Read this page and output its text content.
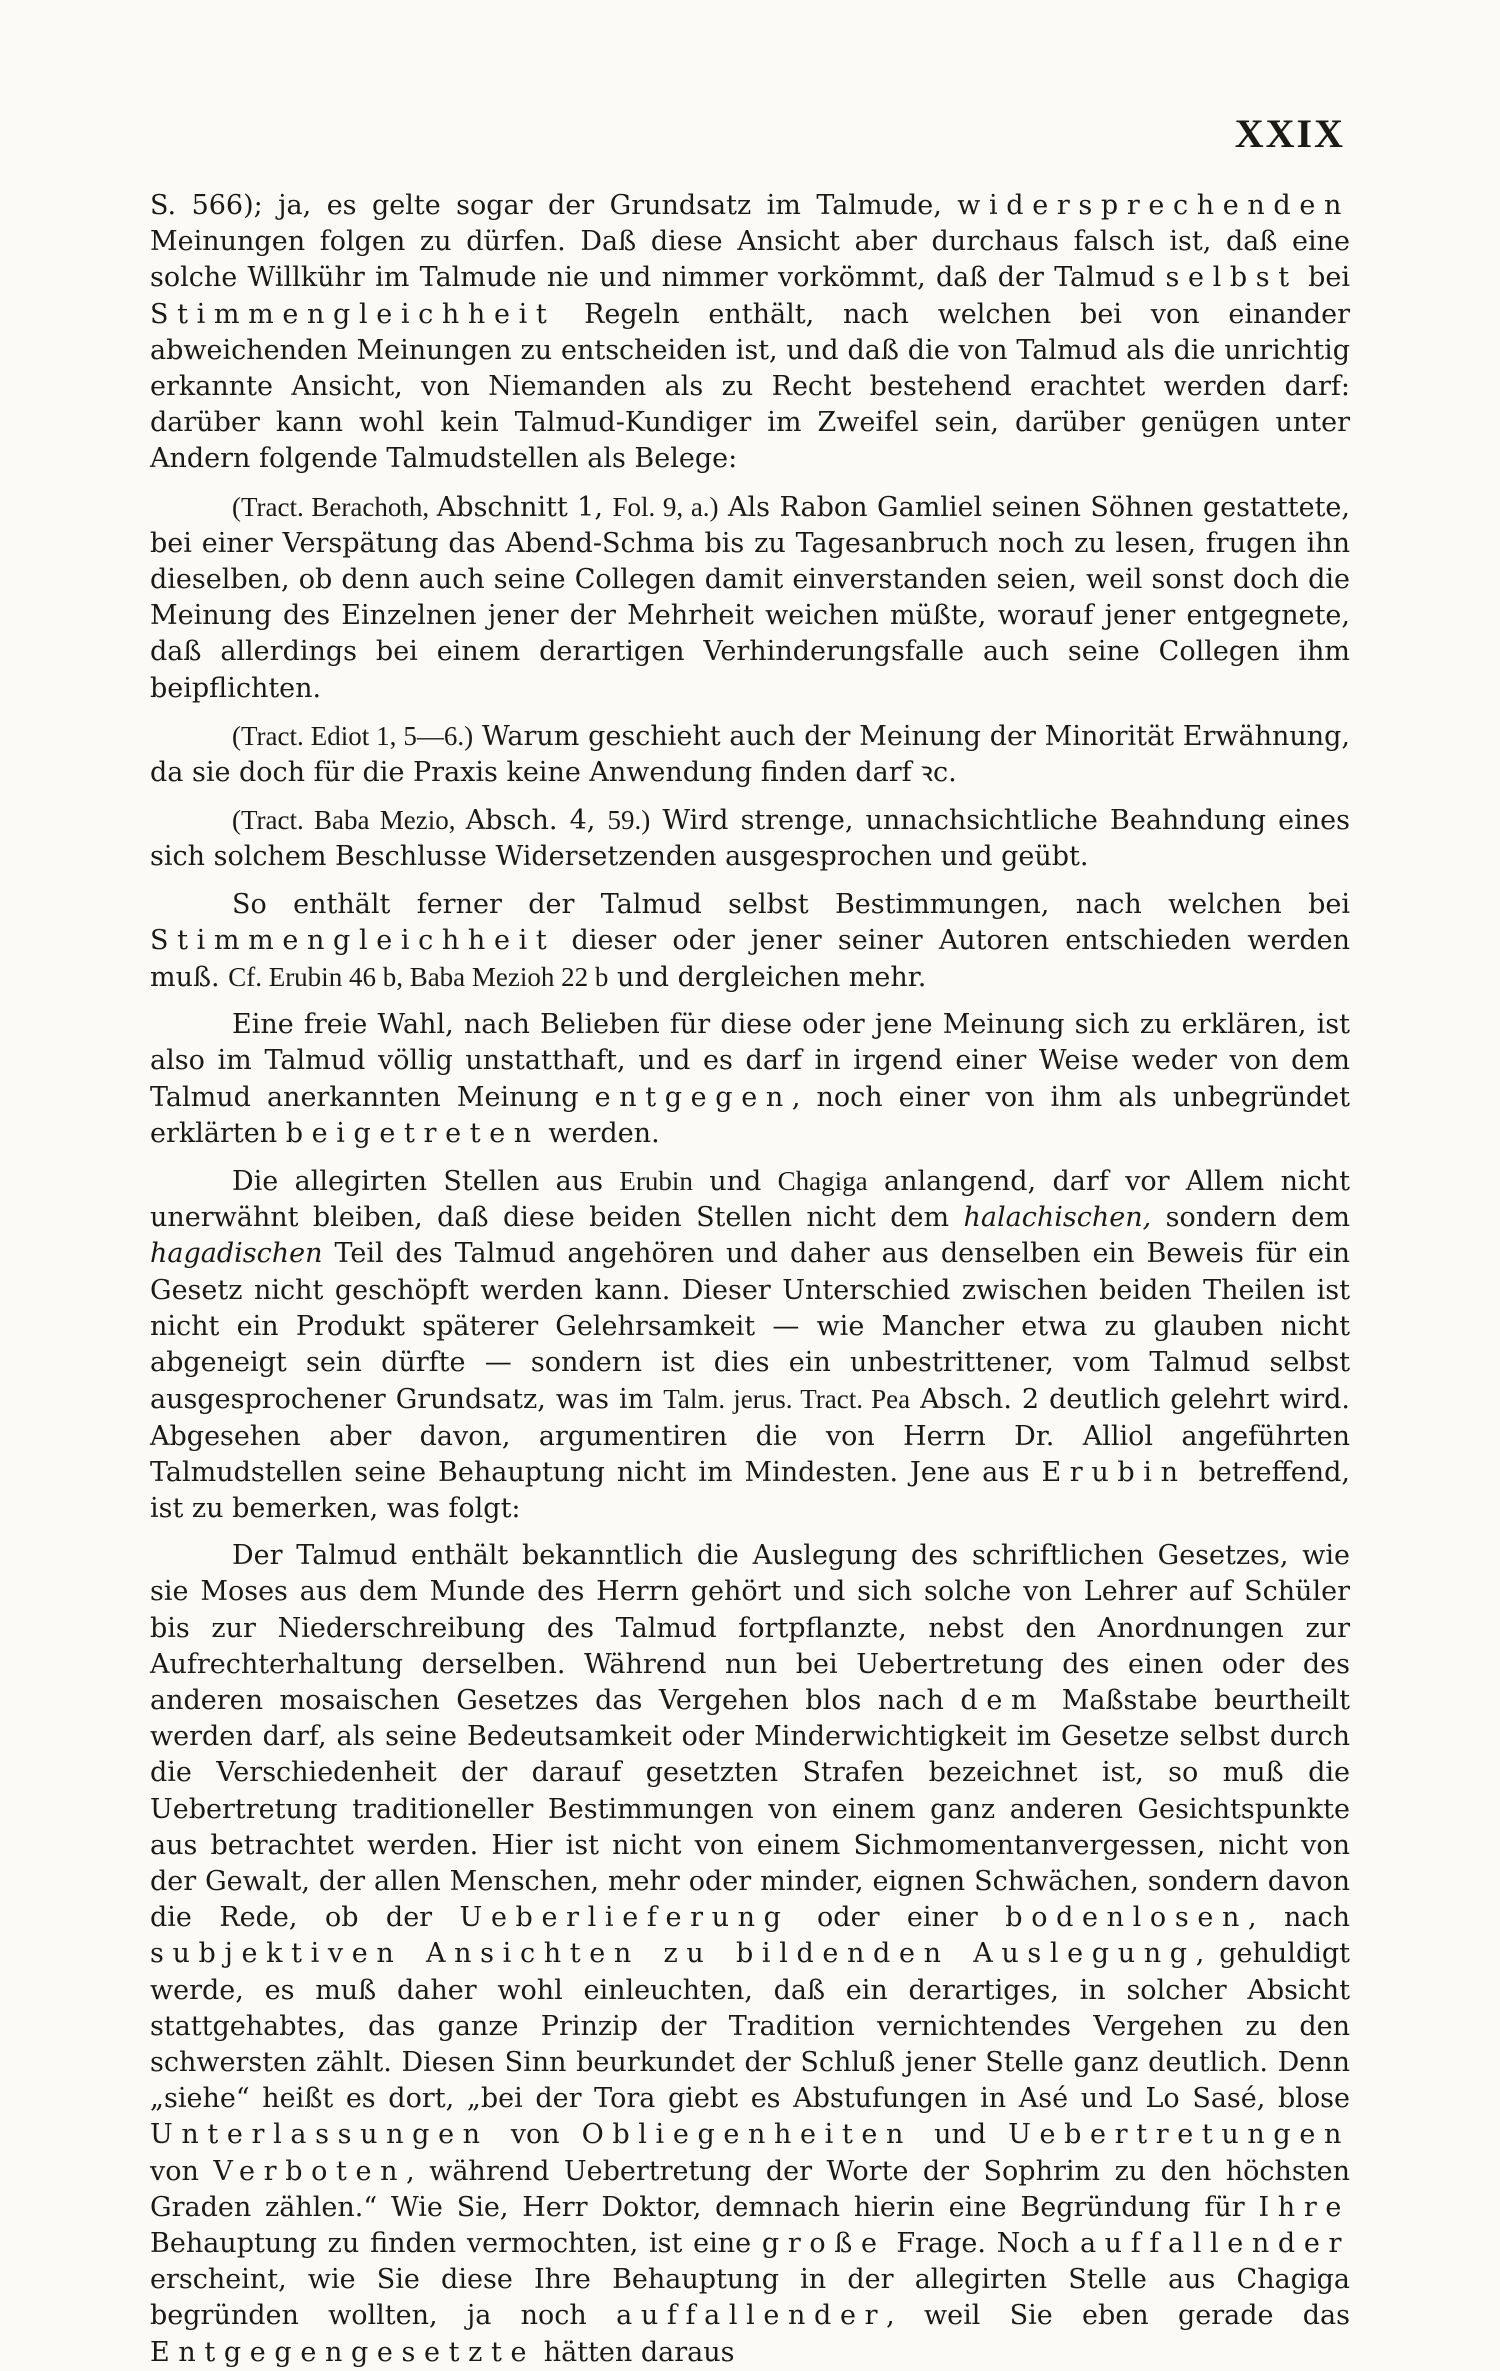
XXIX

S. 566); ja, es gelte sogar der Grundsatz im Talmude, widersprechenden Meinungen folgen zu dürfen. Daß diese Ansicht aber durchaus falsch ist, daß eine solche Willkühr im Talmude nie und nimmer vorkömmt, daß der Talmud selbst bei Stimmengleichheit Regeln enthält, nach welchen bei von einander abweichenden Meinungen zu entscheiden ist, und daß die von Talmud als die unrichtig erkannte Ansicht, von Niemanden als zu Recht bestehend erachtet werden darf: darüber kann wohl kein Talmud-Kundiger im Zweifel sein, darüber genügen unter Andern folgende Talmudstellen als Belege:

(Tract. Berachoth, Abschnitt 1, Fol. 9, a.) Als Rabon Gamliel seinen Söhnen gestattete, bei einer Verspätung das Abend-Schma bis zu Tagesanbruch noch zu lesen, frugen ihn dieselben, ob denn auch seine Collegen damit einverstanden seien, weil sonst doch die Meinung des Einzelnen jener der Mehrheit weichen müßte, worauf jener entgegnete, daß allerdings bei einem derartigen Verhinderungsfalle auch seine Collegen ihm beipflichten.

(Tract. Ediot 1, 5—6.) Warum geschieht auch der Meinung der Minorität Erwähnung, da sie doch für die Praxis keine Anwendung finden darf ꝛc.

(Tract. Baba Mezio, Absch. 4, 59.) Wird strenge, unnachsichtliche Beahndung eines sich solchem Beschlusse Widersetzenden ausgesprochen und geübt.

So enthält ferner der Talmud selbst Bestimmungen, nach welchen bei Stimmengleichheit dieser oder jener seiner Autoren entschieden werden muß. Cf. Erubin 46 b, Baba Mezioh 22 b und dergleichen mehr.

Eine freie Wahl, nach Belieben für diese oder jene Meinung sich zu erklären, ist also im Talmud völlig unstatthaft, und es darf in irgend einer Weise weder von dem Talmud anerkannten Meinung entgegen, noch einer von ihm als unbegründet erklärten beigetreten werden.

Die allegirten Stellen aus Erubin und Chagiga anlangend, darf vor Allem nicht unerwähnt bleiben, daß diese beiden Stellen nicht dem halachischen, sondern dem hagadischen Teil des Talmud angehören und daher aus denselben ein Beweis für ein Gesetz nicht geschöpft werden kann. Dieser Unterschied zwischen beiden Theilen ist nicht ein Produkt späterer Gelehrsamkeit — wie Mancher etwa zu glauben nicht abgeneigt sein dürfte — sondern ist dies ein unbestrittener, vom Talmud selbst ausgesprochener Grundsatz, was im Talm. jerus. Tract. Pea Absch. 2 deutlich gelehrt wird. Abgesehen aber davon, argumentiren die von Herrn Dr. Alliol angeführten Talmudstellen seine Behauptung nicht im Mindesten. Jene aus Erubin betreffend, ist zu bemerken, was folgt:

Der Talmud enthält bekanntlich die Auslegung des schriftlichen Gesetzes, wie sie Moses aus dem Munde des Herrn gehört und sich solche von Lehrer auf Schüler bis zur Niederschreibung des Talmud fortpflanzte, nebst den Anordnungen zur Aufrechterhaltung derselben. Während nun bei Uebertretung des einen oder des anderen mosaischen Gesetzes das Vergehen blos nach dem Maßstabe beurtheilt werden darf, als seine Bedeutsamkeit oder Minderwichtigkeit im Gesetze selbst durch die Verschiedenheit der darauf gesetzten Strafen bezeichnet ist, so muß die Uebertretung traditioneller Bestimmungen von einem ganz anderen Gesichtspunkte aus betrachtet werden. Hier ist nicht von einem Sichmomentanvergessen, nicht von der Gewalt, der allen Menschen, mehr oder minder, eignen Schwächen, sondern davon die Rede, ob der Ueberlieferung oder einer bodenlosen, nach subjektiven Ansichten zu bildenden Auslegung, gehuldigt werde, es muß daher wohl einleuchten, daß ein derartiges, in solcher Absicht stattgehabtes, das ganze Prinzip der Tradition vernichtendes Vergehen zu den schwersten zählt. Diesen Sinn beurkundet der Schluß jener Stelle ganz deutlich. Denn „siehe“ heißt es dort, „bei der Tora giebt es Abstufungen in Asé und Lo Sasé, blose Unterlassungen von Obliegenheiten und Uebertretungen von Verboten, während Uebertretung der Worte der Sophrim zu den höchsten Graden zählen.“ Wie Sie, Herr Doktor, demnach hierin eine Begründung für Ihre Behauptung zu finden vermochten, ist eine große Frage. Noch auffallender erscheint, wie Sie diese Ihre Behauptung in der allegirten Stelle aus Chagiga begründen wollten, ja noch auffallender, weil Sie eben gerade das Entgegengesetzte hätten daraus
